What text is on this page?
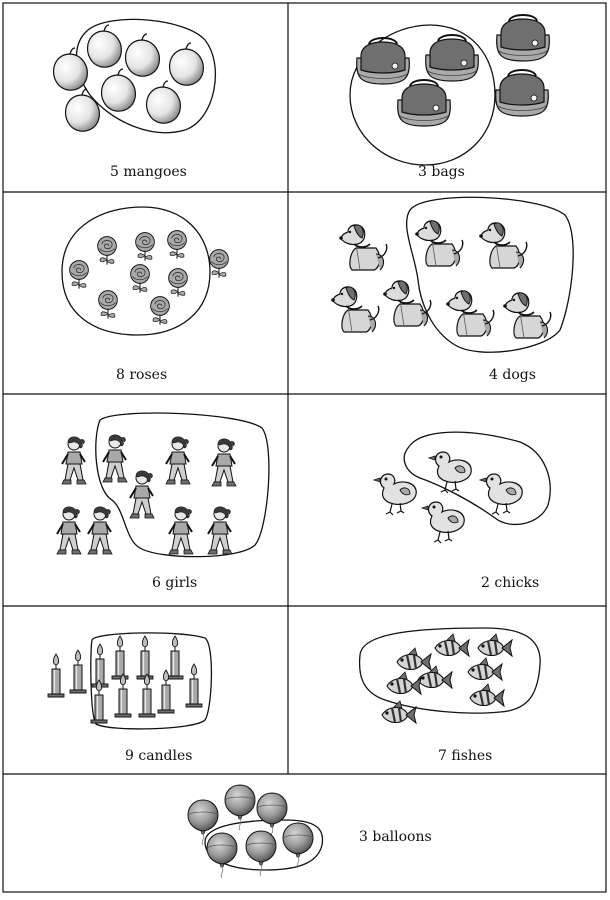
5 mangoes	3 bags
8 roses	4 dogs
6 girls	2 chicks
9 candles	7 fishes
3 balloons
